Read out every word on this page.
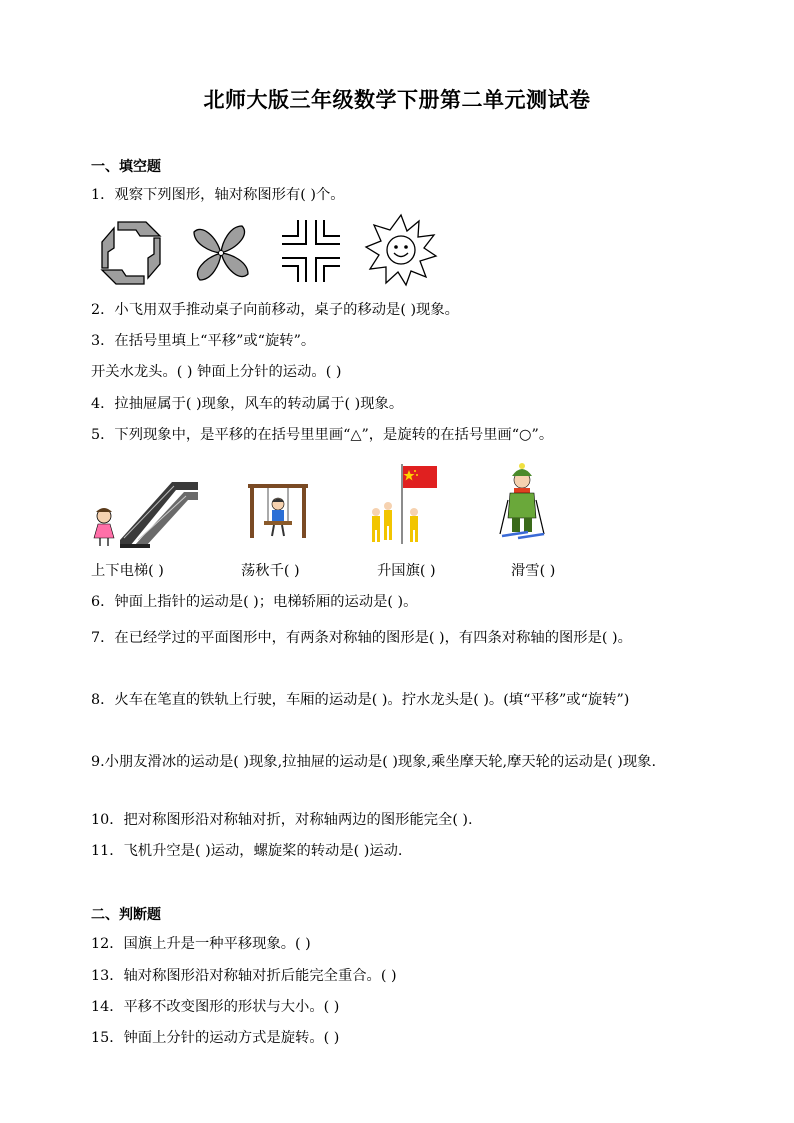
北师大版三年级数学下册第二单元测试卷
一、填空题
1．观察下列图形，轴对称图形有( )个。
2．小飞用双手推动桌子向前移动，桌子的移动是( )现象。
3．在括号里填上“平移”或“旋转”。
开关水龙头。( ) 钟面上分针的运动。( )
4．拉抽屉属于( )现象，风车的转动属于( )现象。
5．下列现象中，是平移的在括号里里画“△”，是旋转的在括号里画“○”。
上下电梯( )	荡秋千( )	升国旗( )	滑雪( )
6．钟面上指针的运动是( )；电梯轿厢的运动是( )。
7．在已经学过的平面图形中，有两条对称轴的图形是( )，有四条对称轴的图形是( )。
8．火车在笔直的铁轨上行驶，车厢的运动是( )。拧水龙头是( )。(填“平移”或“旋转”)
9.小朋友滑冰的运动是( )现象,拉抽屉的运动是( )现象,乘坐摩天轮,摩天轮的运动是( )现象.
10．把对称图形沿对称轴对折，对称轴两边的图形能完全( ).
11．飞机升空是( )运动，螺旋桨的转动是( )运动.
二、判断题
12．国旗上升是一种平移现象。( )
13．轴对称图形沿对称轴对折后能完全重合。( )
14．平移不改变图形的形状与大小。( )
15．钟面上分针的运动方式是旋转。( )
